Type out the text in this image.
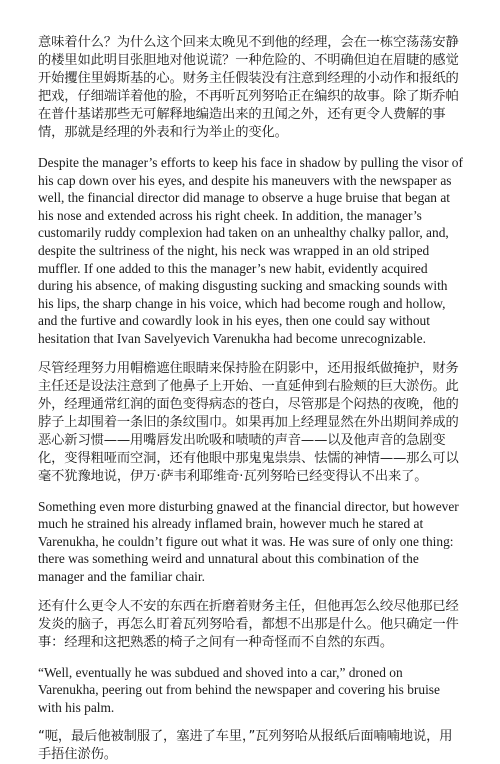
意味着什么？为什么这个回来太晚见不到他的经理，会在一栋空荡荡安静的楼里如此明目张胆地对他说谎？一种危险的、不明确但迫在眉睫的感觉开始攫住里姆斯基的心。财务主任假装没有注意到经理的小动作和报纸的把戏，仔细端详着他的脸，不再听瓦列努哈正在编织的故事。除了斯乔帕在普什基诺那些无可解释地编造出来的丑闻之外，还有更令人费解的事情，那就是经理的外表和行为举止的变化。

Despite the manager’s efforts to keep his face in shadow by pulling the visor of his cap down over his eyes, and despite his maneuvers with the newspaper as well, the financial director did manage to observe a huge bruise that began at his nose and extended across his right cheek. In addition, the manager’s customarily ruddy complexion had taken on an unhealthy chalky pallor, and, despite the sultriness of the night, his neck was wrapped in an old striped muffler. If one added to this the manager’s new habit, evidently acquired during his absence, of making disgusting sucking and smacking sounds with his lips, the sharp change in his voice, which had become rough and hollow, and the furtive and cowardly look in his eyes, then one could say without hesitation that Ivan Savelyevich Varenukha had become unrecognizable.

尽管经理努力用帽檐遮住眼睛来保持脸在阴影中，还用报纸做掩护，财务主任还是设法注意到了他鼻子上开始、一直延伸到右脸颊的巨大淤伤。此外，经理通常红润的面色变得病态的苍白，尽管那是个闷热的夜晚，他的脖子上却围着一条旧的条纹围巾。如果再加上经理显然在外出期间养成的恶心新习惯——用嘴唇发出吮吸和啧啧的声音——以及他声音的急剧变化，变得粗哑而空洞，还有他眼中那鬼鬼祟祟、怯懦的神情——那么可以毫不犹豫地说，伊万·萨韦利耶维奇·瓦列努哈已经变得认不出来了。

Something even more disturbing gnawed at the financial director, but however much he strained his already inflamed brain, however much he stared at Varenukha, he couldn’t figure out what it was. He was sure of only one thing: there was something weird and unnatural about this combination of the manager and the familiar chair.

还有什么更令人不安的东西在折磨着财务主任，但他再怎么绞尽他那已经发炎的脑子，再怎么盯着瓦列努哈看，都想不出那是什么。他只确定一件事：经理和这把熟悉的椅子之间有一种奇怪而不自然的东西。

“Well, eventually he was subdued and shoved into a car,” droned on Varenukha, peering out from behind the newspaper and covering his bruise with his palm.

“呃，最后他被制服了，塞进了车里，”瓦列努哈从报纸后面喃喃地说，用手捂住淤伤。
